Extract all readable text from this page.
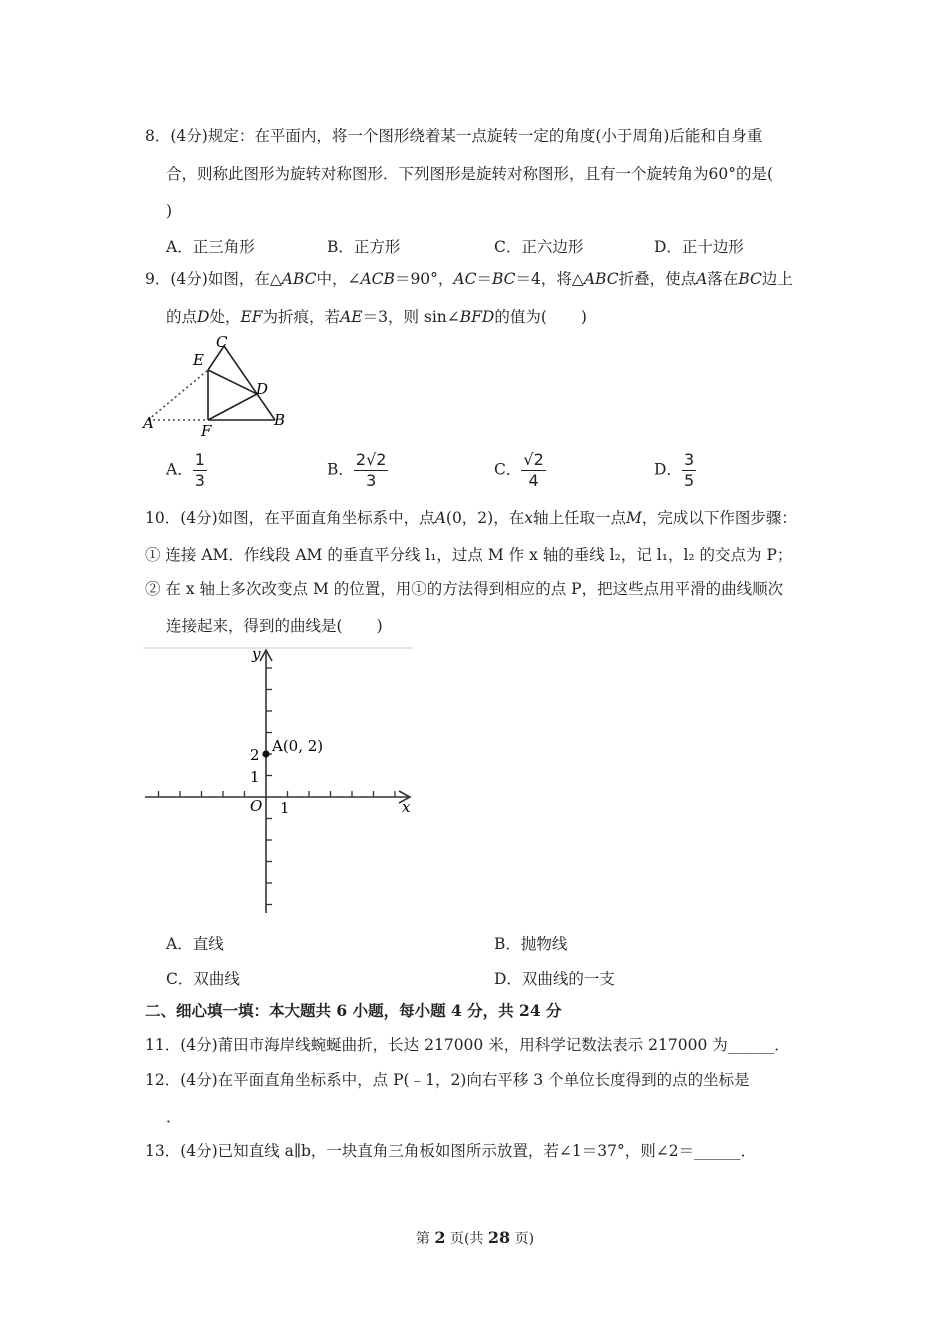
8．(4分)规定：在平面内，将一个图形绕着某一点旋转一定的角度(小于周角)后能和自身重
合，则称此图形为旋转对称图形．下列图形是旋转对称图形，且有一个旋转角为60°的是(
)
A．正三角形	B．正方形	C．正六边形	D．正十边形
9．(4分)如图，在△ABC中，∠ACB＝90°，AC＝BC＝4，将△ABC折叠，使点A落在BC边上
的点D处，EF为折痕，若AE＝3，则 sin∠BFD的值为( )
C
E
D
A	F
B
A． $\frac{1}{3}$	B． $\frac{2√2}{3}$	C． $\frac{√2}{4}$	D． $\frac{3}{5}$
10．(4分)如图，在平面直角坐标系中，点A(0，2)，在x轴上任取一点M，完成以下作图步骤：
① 连接 AM．作线段 AM 的垂直平分线 l₁，过点 M 作 x 轴的垂线 l₂，记 l₁，l₂ 的交点为 P；
② 在 x 轴上多次改变点 M 的位置，用①的方法得到相应的点 P，把这些点用平滑的曲线顺次
连接起来，得到的曲线是( )
y
x
O 1
1
2 A(0, 2)
A．直线	B．抛物线
C．双曲线	D．双曲线的一支
二、细心填一填：本大题共 6 小题，每小题 4 分，共 24 分
11．(4分)莆田市海岸线蜿蜒曲折，长达 217000 米，用科学记数法表示 217000 为______．
12．(4分)在平面直角坐标系中，点 P(﹣1，2)向右平移 3 个单位长度得到的点的坐标是
．
13．(4分)已知直线 a∥b，一块直角三角板如图所示放置，若∠1＝37°，则∠2＝______．
第 2 页(共 28 页)
